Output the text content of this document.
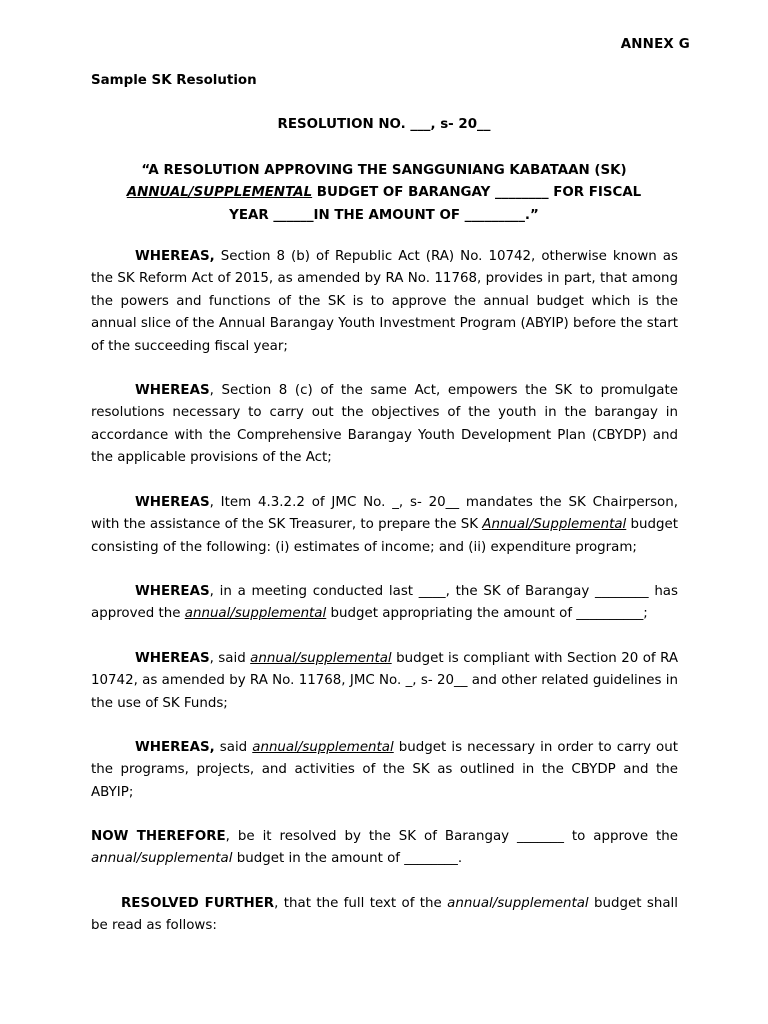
ANNEX G
Sample SK Resolution
RESOLUTION NO. ___, s- 20__
“A RESOLUTION APPROVING THE SANGGUNIANG KABATAAN (SK)
ANNUAL/SUPPLEMENTAL BUDGET OF BARANGAY ________ FOR FISCAL
YEAR ______IN THE AMOUNT OF _________.”

WHEREAS, Section 8 (b) of Republic Act (RA) No. 10742, otherwise known as the SK Reform Act of 2015, as amended by RA No. 11768, provides in part, that among the powers and functions of the SK is to approve the annual budget which is the annual slice of the Annual Barangay Youth Investment Program (ABYIP) before the start of the succeeding fiscal year;

WHEREAS, Section 8 (c) of the same Act, empowers the SK to promulgate resolutions necessary to carry out the objectives of the youth in the barangay in accordance with the Comprehensive Barangay Youth Development Plan (CBYDP) and the applicable provisions of the Act;

WHEREAS, Item 4.3.2.2 of JMC No. _, s- 20__ mandates the SK Chairperson, with the assistance of the SK Treasurer, to prepare the SK Annual/Supplemental budget consisting of the following: (i) estimates of income; and (ii) expenditure program;

WHEREAS, in a meeting conducted last ____, the SK of Barangay ________ has approved the annual/supplemental budget appropriating the amount of __________;

WHEREAS, said annual/supplemental budget is compliant with Section 20 of RA 10742, as amended by RA No. 11768, JMC No. _, s- 20__ and other related guidelines in the use of SK Funds;

WHEREAS, said annual/supplemental budget is necessary in order to carry out the programs, projects, and activities of the SK as outlined in the CBYDP and the ABYIP;

NOW THEREFORE, be it resolved by the SK of Barangay _______ to approve the annual/supplemental budget in the amount of ________.

RESOLVED FURTHER, that the full text of the annual/supplemental budget shall be read as follows:
